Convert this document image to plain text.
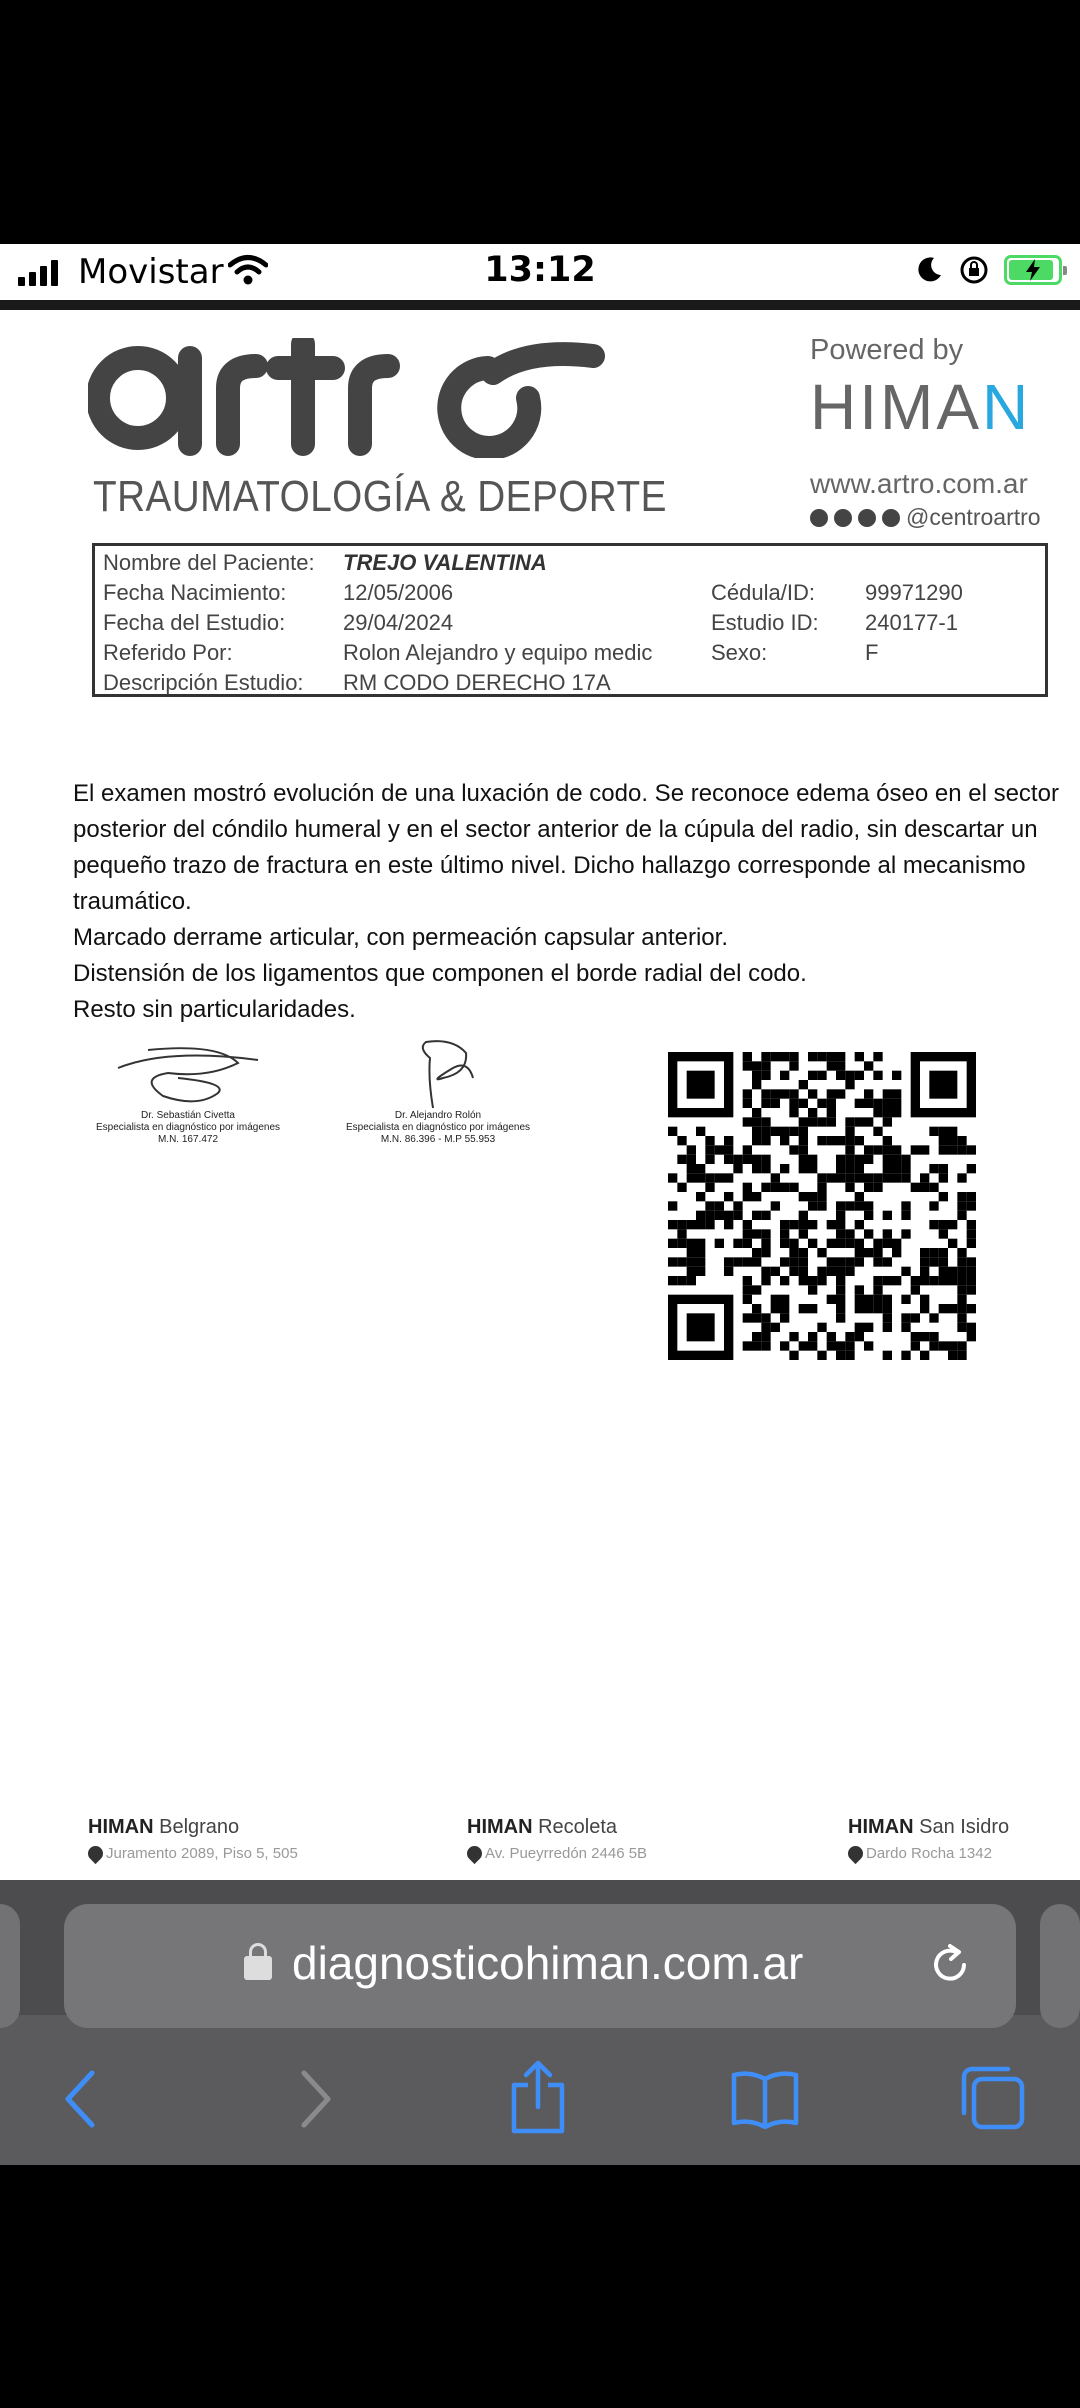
Movistar	13:12
TRAUMATOLOGÍA & DEPORTE
Powered by
HIMAN
www.artro.com.ar
@centroartro
Nombre del Paciente: TREJO VALENTINA
Fecha Nacimiento:	12/05/2006	Cédula/ID: 99971290
Fecha del Estudio:	29/04/2024	Estudio ID: 240177-1
Referido Por:	Rolon Alejandro y equipo medic	Sexo:	F
Descripción Estudio: RM CODO DERECHO 17A

El examen mostró evolución de una luxación de codo. Se reconoce edema óseo en el sector posterior del cóndilo humeral y en el sector anterior de la cúpula del radio, sin descartar un pequeño trazo de fractura en este último nivel. Dicho hallazgo corresponde al mecanismo traumático.

Marcado derrame articular, con permeación capsular anterior.

Distensión de los ligamentos que componen el borde radial del codo.

Resto sin particularidades.

Dr. Sebastián Civetta
Especialista en diagnóstico por imágenes
M.N. 167.472
Dr. Alejandro Rolón
Especialista en diagnóstico por imágenes
M.N. 86.396 - M.P 55.953
HIMAN Belgrano
Juramento 2089, Piso 5, 505
HIMAN Recoleta
Av. Pueyrredón 2446 5B
HIMAN San Isidro
Dardo Rocha 1342
diagnosticohiman.com.ar
